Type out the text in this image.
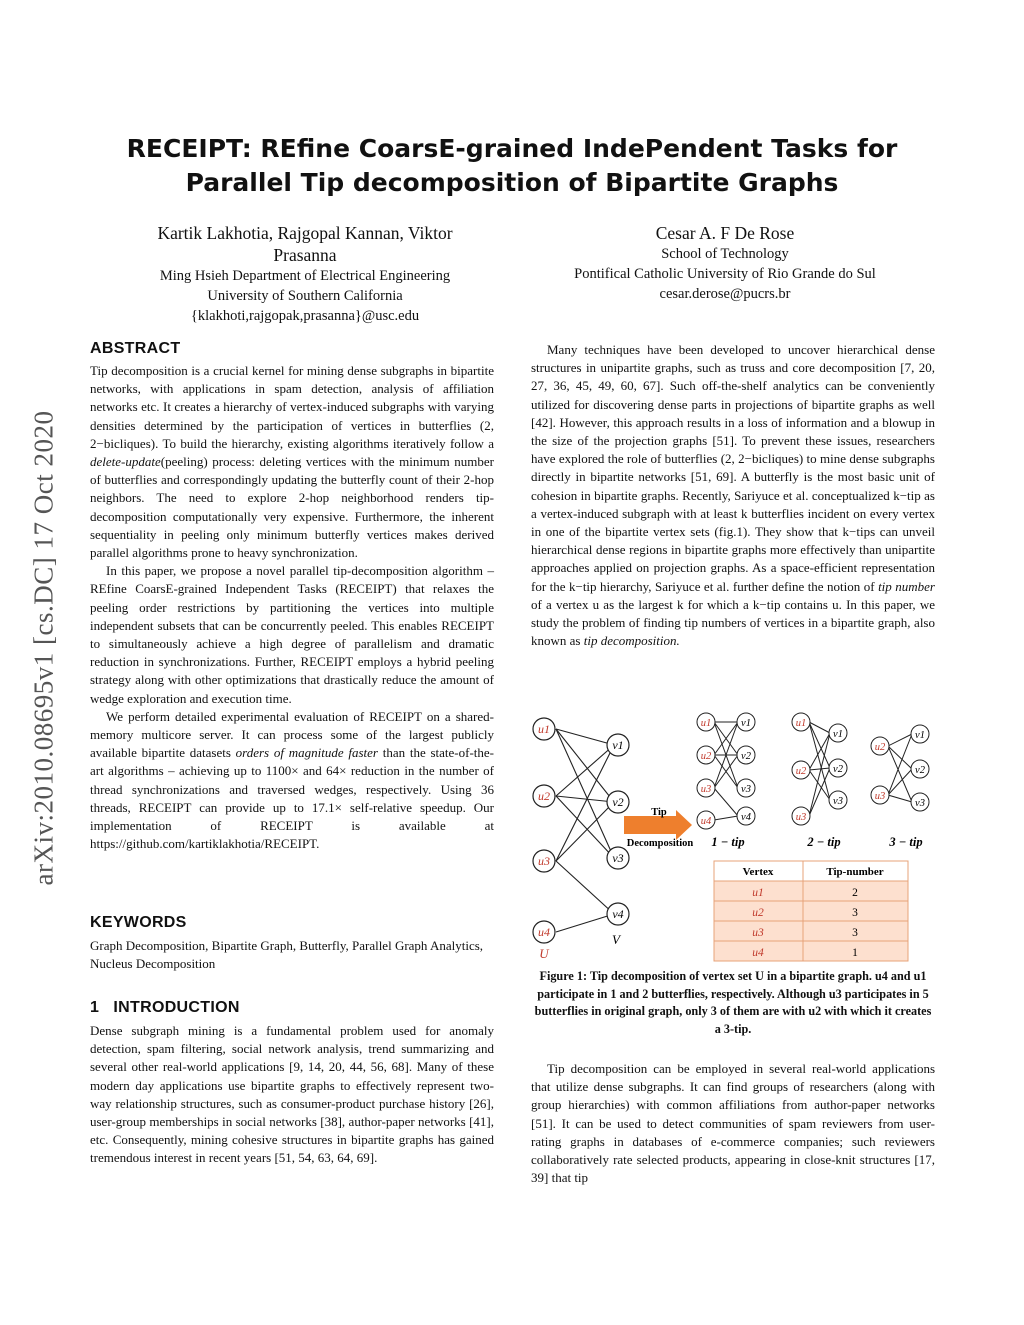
arXiv:2010.08695v1 [cs.DC] 17 Oct 2020
RECEIPT: REfine CoarsE-grained IndePendent Tasks for
Parallel Tip decomposition of Bipartite Graphs
Kartik Lakhotia, Rajgopal Kannan, Viktor
Prasanna
Ming Hsieh Department of Electrical Engineering
University of Southern California
{klakhoti,rajgopak,prasanna}@usc.edu
Cesar A. F De Rose
School of Technology
Pontifical Catholic University of Rio Grande do Sul
cesar.derose@pucrs.br
ABSTRACT

Tip decomposition is a crucial kernel for mining dense subgraphs in bipartite networks, with applications in spam detection, analysis of affiliation networks etc. It creates a hierarchy of vertex-induced subgraphs with varying densities determined by the participation of vertices in butterflies (2, 2−bicliques). To build the hierarchy, existing algorithms iteratively follow a delete-update(peeling) process: deleting vertices with the minimum number of butterflies and correspondingly updating the butterfly count of their 2-hop neighbors. The need to explore 2-hop neighborhood renders tip-decomposition computationally very expensive. Furthermore, the inherent sequentiality in peeling only minimum butterfly vertices makes derived parallel algorithms prone to heavy synchronization.

In this paper, we propose a novel parallel tip-decomposition algorithm – REfine CoarsE-grained Independent Tasks (RECEIPT) that relaxes the peeling order restrictions by partitioning the vertices into multiple independent subsets that can be concurrently peeled. This enables RECEIPT to simultaneously achieve a high degree of parallelism and dramatic reduction in synchronizations. Further, RECEIPT employs a hybrid peeling strategy along with other optimizations that drastically reduce the amount of wedge exploration and execution time.

We perform detailed experimental evaluation of RECEIPT on a shared-memory multicore server. It can process some of the largest publicly available bipartite datasets orders of magnitude faster than the state-of-the-art algorithms – achieving up to 1100× and 64× reduction in the number of thread synchronizations and traversed wedges, respectively. Using 36 threads, RECEIPT can provide up to 17.1× self-relative speedup. Our implementation of RECEIPT is available at https://github.com/kartiklakhotia/RECEIPT.

KEYWORDS

Graph Decomposition, Bipartite Graph, Butterfly, Parallel Graph Analytics, Nucleus Decomposition

1   INTRODUCTION

Dense subgraph mining is a fundamental problem used for anomaly detection, spam filtering, social network analysis, trend summarizing and several other real-world applications [9, 14, 20, 44, 56, 68]. Many of these modern day applications use bipartite graphs to effectively represent two-way relationship structures, such as consumer-product purchase history [26], user-group memberships in social networks [38], author-paper networks [41], etc. Consequently, mining cohesive structures in bipartite graphs has gained tremendous interest in recent years [51, 54, 63, 64, 69].

Many techniques have been developed to uncover hierarchical dense structures in unipartite graphs, such as truss and core decomposition [7, 20, 27, 36, 45, 49, 60, 67]. Such off-the-shelf analytics can be conveniently utilized for discovering dense parts in projections of bipartite graphs as well [42]. However, this approach results in a loss of information and a blowup in the size of the projection graphs [51]. To prevent these issues, researchers have explored the role of butterflies (2, 2−bicliques) to mine dense subgraphs directly in bipartite networks [51, 69]. A butterfly is the most basic unit of cohesion in bipartite graphs. Recently, Sariyuce et al. conceptualized k−tip as a vertex-induced subgraph with at least k butterflies incident on every vertex in one of the bipartite vertex sets (fig.1). They show that k−tips can unveil hierarchical dense regions in bipartite graphs more effectively than unipartite approaches applied on projection graphs. As a space-efficient representation for the k−tip hierarchy, Sariyuce et al. further define the notion of tip number of a vertex u as the largest k for which a k−tip contains u. In this paper, we study the problem of finding tip numbers of vertices in a bipartite graph, also known as tip decomposition.

u1
u2
u3
u4
v1
v2
v3
v4
U
V
Tip
Decomposition
u1
u2
u3
u4
v1
v2
v3
v4
1 − tip
u1
u2
u3
v1
v2
v3
2 − tip
u2
u3
v1
v2
v3
3 − tip
Vertex	Tip-number
u1	2
u2	3
u3	3
u4	1
Figure 1: Tip decomposition of vertex set U in a bipartite graph. u4 and u1 participate in 1 and 2 butterflies, respectively. Although u3 participates in 5 butterflies in original graph, only 3 of them are with u2 with which it creates a 3-tip.

Tip decomposition can be employed in several real-world applications that utilize dense subgraphs. It can find groups of researchers (along with group hierarchies) with common affiliations from author-paper networks [51]. It can be used to detect communities of spam reviewers from user-rating graphs in databases of e-commerce companies; such reviewers collaboratively rate selected products, appearing in close-knit structures [17, 39] that tip
